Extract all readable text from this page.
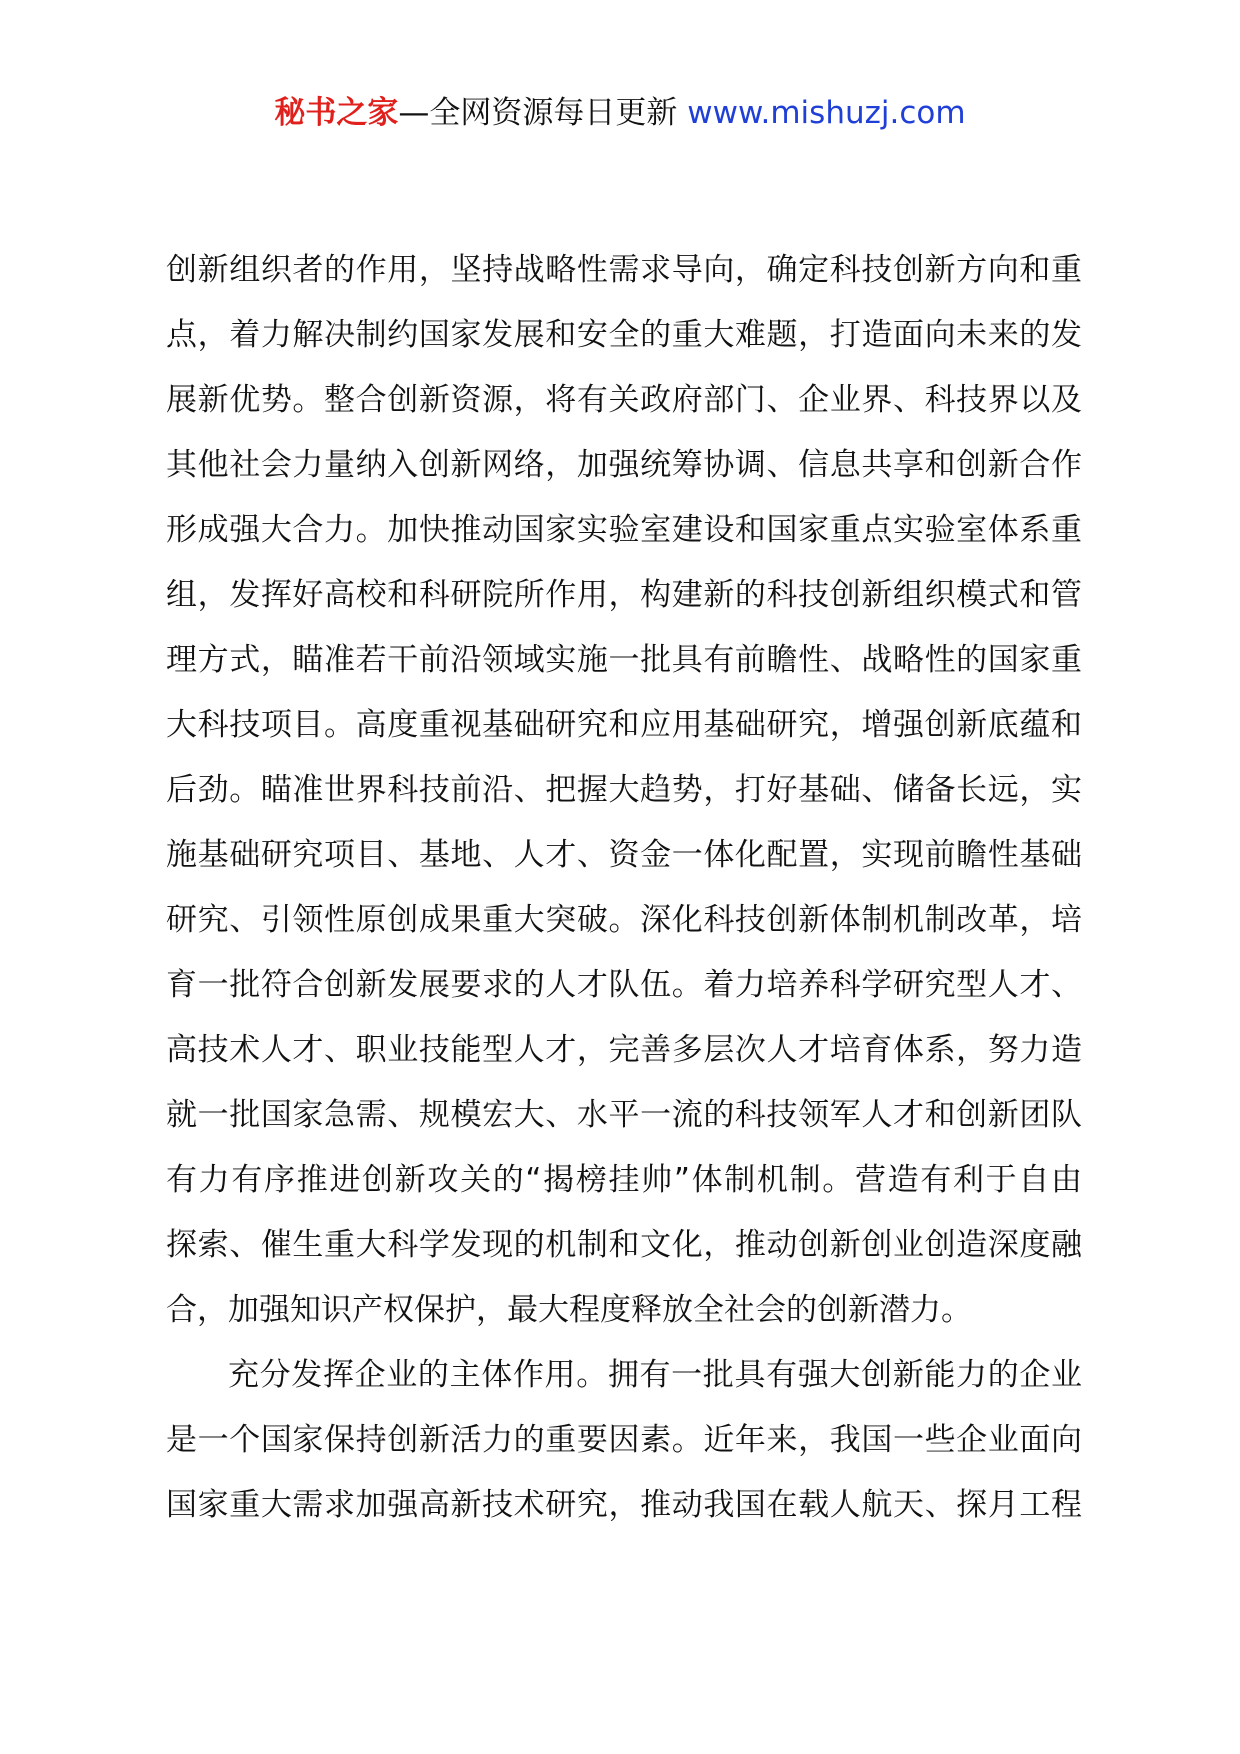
秘书之家—全网资源每日更新 www.mishuzj.com
创新组织者的作用，坚持战略性需求导向，确定科技创新方向和重
点，着力解决制约国家发展和安全的重大难题，打造面向未来的发
展新优势。整合创新资源，将有关政府部门、企业界、科技界以及
其他社会力量纳入创新网络，加强统筹协调、信息共享和创新合作
形成强大合力。加快推动国家实验室建设和国家重点实验室体系重
组，发挥好高校和科研院所作用，构建新的科技创新组织模式和管
理方式，瞄准若干前沿领域实施一批具有前瞻性、战略性的国家重
大科技项目。高度重视基础研究和应用基础研究，增强创新底蕴和
后劲。瞄准世界科技前沿、把握大趋势，打好基础、储备长远，实
施基础研究项目、基地、人才、资金一体化配置，实现前瞻性基础
研究、引领性原创成果重大突破。深化科技创新体制机制改革，培
育一批符合创新发展要求的人才队伍。着力培养科学研究型人才、
高技术人才、职业技能型人才，完善多层次人才培育体系，努力造
就一批国家急需、规模宏大、水平一流的科技领军人才和创新团队
有力有序推进创新攻关的“揭榜挂帅”体制机制。营造有利于自由
探索、催生重大科学发现的机制和文化，推动创新创业创造深度融
合，加强知识产权保护，最大程度释放全社会的创新潜力。
充分发挥企业的主体作用。拥有一批具有强大创新能力的企业
是一个国家保持创新活力的重要因素。近年来，我国一些企业面向
国家重大需求加强高新技术研究，推动我国在载人航天、探月工程
